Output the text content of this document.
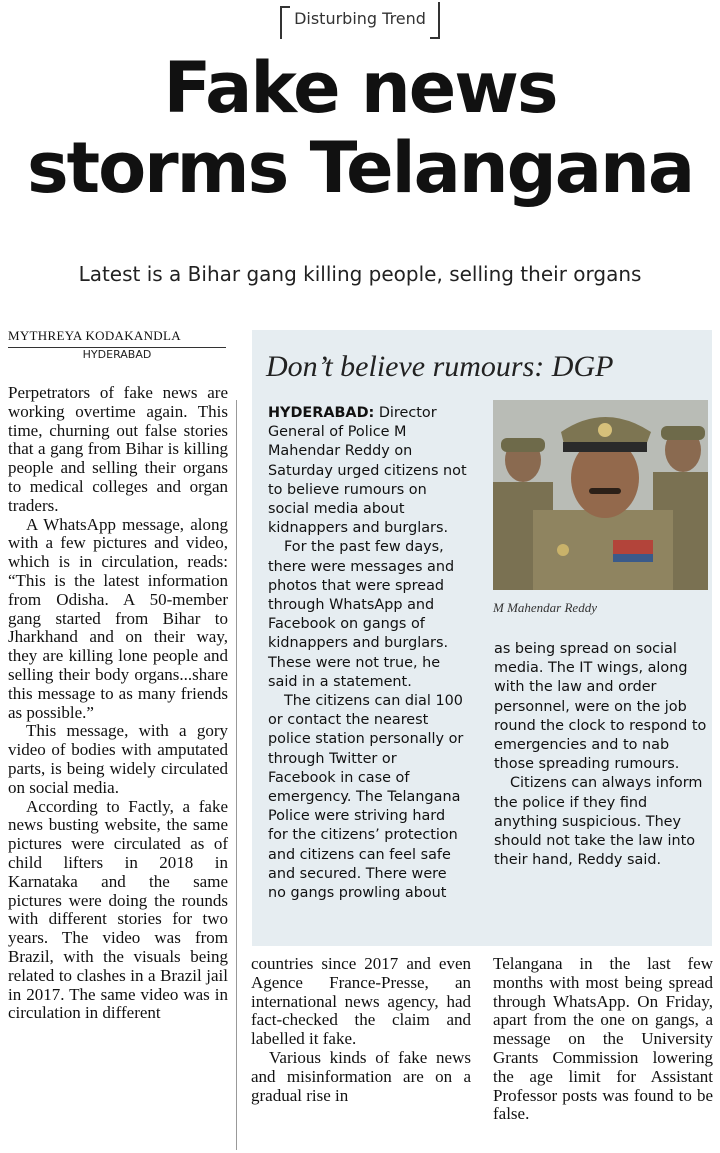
Disturbing Trend
Fake news
storms Telangana
Latest is a Bihar gang killing people, selling their organs
MYTHREYA KODAKANDLA
HYDERABAD

Perpetrators of fake news are working overtime again. This time, churning out false stories that a gang from Bihar is killing people and selling their organs to medical colleges and organ traders.

A WhatsApp message, along with a few pictures and video, which is in circulation, reads: “This is the latest information from Odisha. A 50-member gang started from Bihar to Jharkhand and on their way, they are killing lone people and selling their body organs...share this message to as many friends as possible.”

This message, with a gory video of bodies with amputated parts, is being widely circulated on social media.

According to Factly, a fake news busting website, the same pictures were circulated as of child lifters in 2018 in Karnataka and the same pictures were doing the rounds with different stories for two years. The video was from Brazil, with the visuals being related to clashes in a Brazil jail in 2017. The same video was in circulation in different

Don’t believe rumours: DGP

HYDERABAD: Director General of Police M Mahendar Reddy on Saturday urged citizens not to believe rumours on social media about kidnappers and burglars.

For the past few days, there were messages and photos that were spread through WhatsApp and Facebook on gangs of kidnappers and burglars. These were not true, he said in a statement.

The citizens can dial 100 or contact the nearest police station personally or through Twitter or Facebook in case of emergency. The Telangana Police were striving hard for the citizens’ protection and citizens can feel safe and secured. There were no gangs prowling about

M Mahendar Reddy

as being spread on social media. The IT wings, along with the law and order personnel, were on the job round the clock to respond to emergencies and to nab those spreading rumours.

Citizens can always inform the police if they find anything suspicious. They should not take the law into their hand, Reddy said.

countries since 2017 and even Agence France-Presse, an international news agency, had fact-checked the claim and labelled it fake.

Various kinds of fake news and misinformation are on a gradual rise in

Telangana in the last few months with most being spread through WhatsApp. On Friday, apart from the one on gangs, a message on the University Grants Commission lowering the age limit for Assistant Professor posts was found to be false.
